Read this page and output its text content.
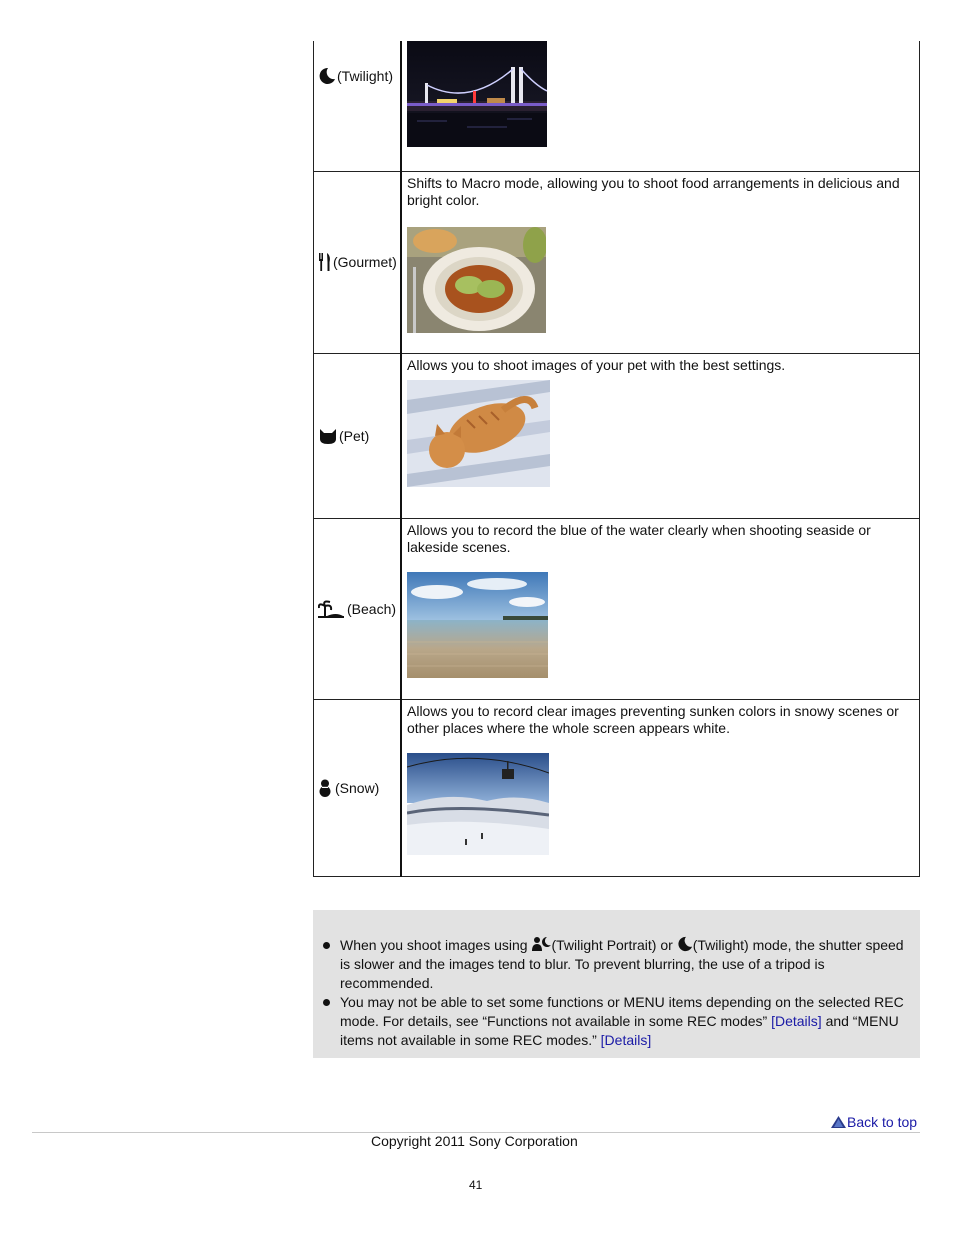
(Twilight)

(Gourmet)	Shifts to Macro mode, allowing you to shoot food arrangements in delicious and bright color.

(Pet)	Allows you to shoot images of your pet with the best settings.

(Beach)	Allows you to record the blue of the water clearly when shooting seaside or lakeside scenes.

(Snow)	Allows you to record clear images preventing sunken colors in snowy scenes or other places where the whole screen appears white.
When you shoot images using (Twilight Portrait) or (Twilight) mode, the shutter speed is slower and the images tend to blur. To prevent blurring, the use of a tripod is recommended.
You may not be able to set some functions or MENU items depending on the selected REC mode. For details, see “Functions not available in some REC modes” [Details] and “MENU items not available in some REC modes.” [Details]
Back to top
Copyright 2011 Sony Corporation
41
